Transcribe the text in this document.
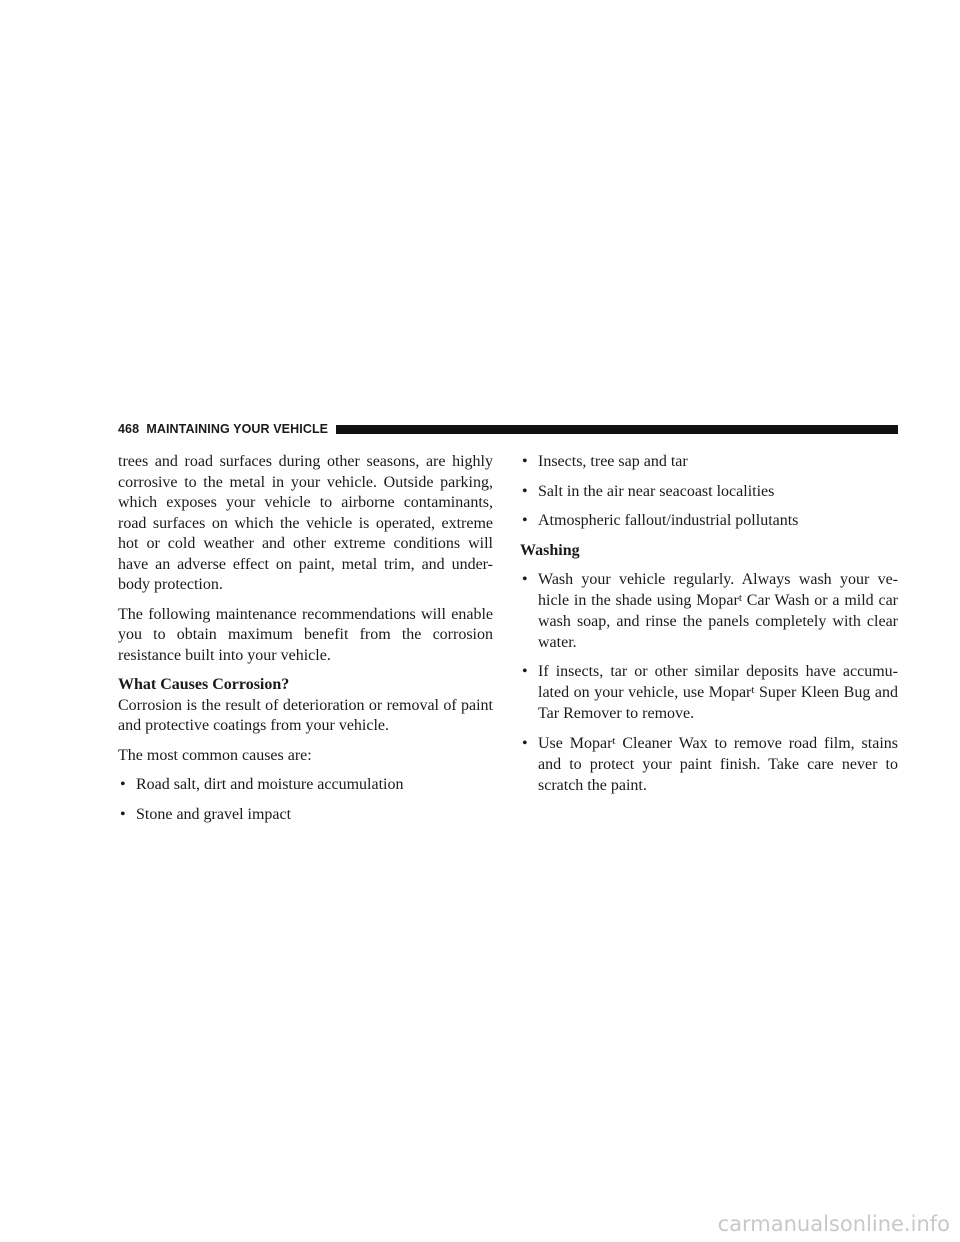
468 MAINTAINING YOUR VEHICLE

trees and road surfaces during other seasons, are highly corrosive to the metal in your vehicle. Outside parking, which exposes your vehicle to airborne contaminants, road surfaces on which the vehicle is operated, extreme hot or cold weather and other extreme conditions will have an adverse effect on paint, metal trim, and under-body protection.

The following maintenance recommendations will enable you to obtain maximum benefit from the corrosion resistance built into your vehicle.

What Causes Corrosion?

Corrosion is the result of deterioration or removal of paint and protective coatings from your vehicle.

The most common causes are:

• Road salt, dirt and moisture accumulation
• Stone and gravel impact
• Insects, tree sap and tar
• Salt in the air near seacoast localities
• Atmospheric fallout/industrial pollutants
Washing
• Wash your vehicle regularly. Always wash your ve-hicle in the shade using Mopar$^t$ Car Wash or a mild car wash soap, and rinse the panels completely with clear water.
• If insects, tar or other similar deposits have accumu-lated on your vehicle, use Mopar$^t$ Super Kleen Bug and Tar Remover to remove.
• Use Mopar$^t$ Cleaner Wax to remove road film, stains and to protect your paint finish. Take care never to scratch the paint.
carmanualsonline.info
